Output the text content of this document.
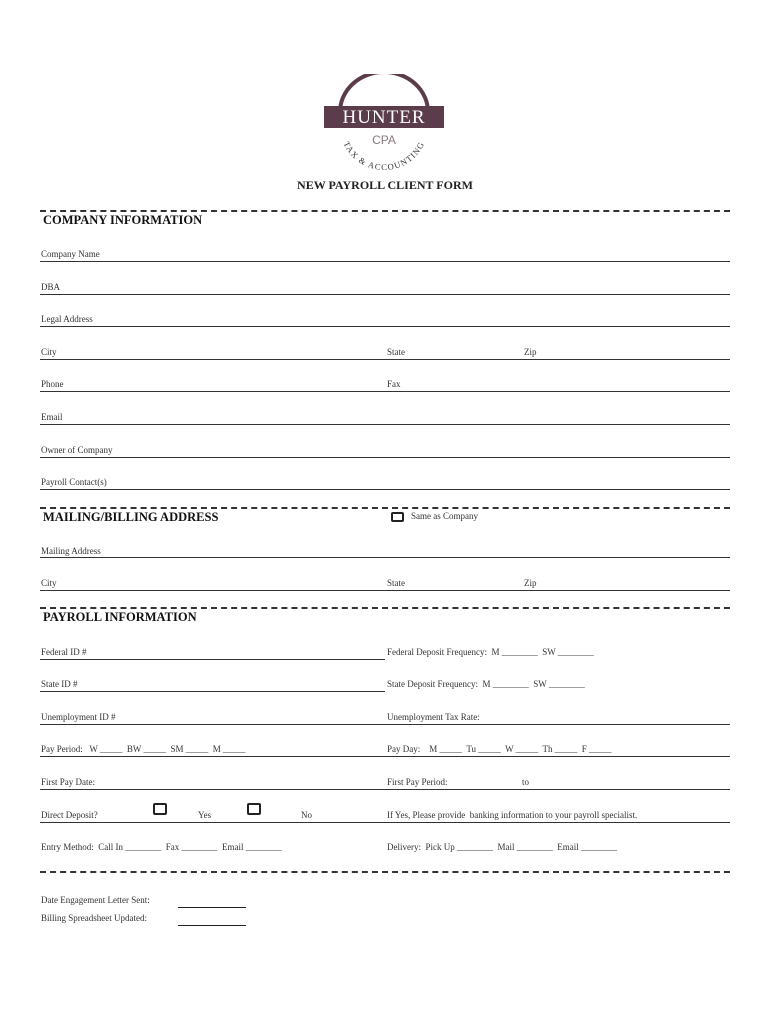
HUNTER
CPA
TAX & ACCOUNTING
NEW PAYROLL CLIENT FORM
COMPANY INFORMATION
Company Name
DBA
Legal Address
City	State	Zip
Phone	Fax
Email
Owner of Company
Payroll Contact(s)
MAILING/BILLING ADDRESS	Same as Company
Mailing Address
City	State	Zip
PAYROLL INFORMATION
Federal ID #	Federal Deposit Frequency:  M ________  SW ________
State ID #	State Deposit Frequency:  M ________  SW ________
Unemployment ID #	Unemployment Tax Rate:
Pay Period:   W _____  BW _____  SM _____  M _____	Pay Day:    M _____  Tu _____  W _____  Th _____  F _____
First Pay Date:	First Pay Period:	to
Direct Deposit?	Yes	No	If Yes, Please provide  banking information to your payroll specialist.
Entry Method:  Call In ________  Fax ________  Email ________	Delivery:  Pick Up ________  Mail ________  Email ________
Date Engagement Letter Sent:
Billing Spreadsheet Updated:
